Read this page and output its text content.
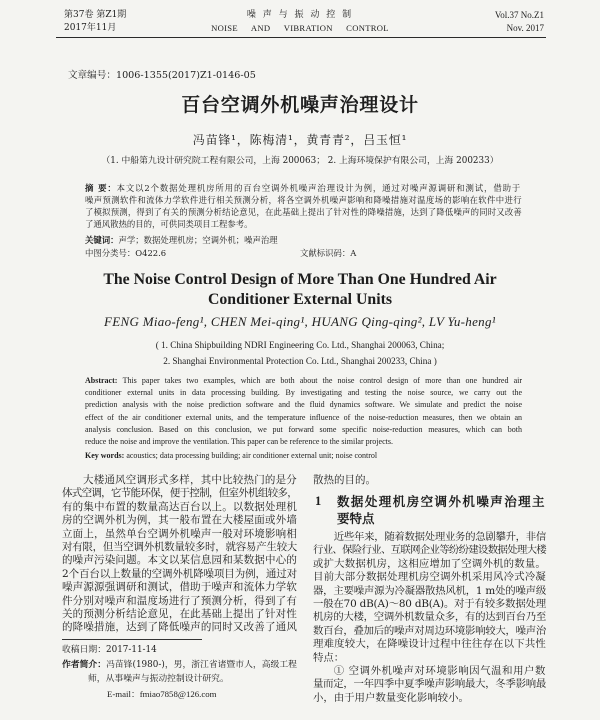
第37卷 第Z1期
2017年11月
噪 声 与 振 动 控 制
NOISE AND VIBRATION CONTROL
Vol.37 No.Z1
Nov. 2017
文章编号：1006-1355(2017)Z1-0146-05
百台空调外机噪声治理设计
冯苗锋¹，陈梅清¹，黄青青²，吕玉恒¹
（1. 中船第九设计研究院工程有限公司，上海 200063； 2. 上海环境保护有限公司，上海 200233）
摘 要：本文以2个数据处理机房所用的百台空调外机噪声治理设计为例，通过对噪声源调研和测试，借助于
噪声预测软件和流体力学软件进行相关预测分析，将各空调外机噪声影响和降噪措施对温度场的影响在软件中进行
了模拟预测，得到了有关的预测分析结论意见，在此基础上提出了针对性的降噪措施，达到了降低噪声的同时又改善
了通风散热的目的，可供同类项目工程参考。
关键词：声学；数据处理机房；空调外机；噪声治理
中图分类号：O422.6	文献标识码：A
The Noise Control Design of More Than One Hundred Air
Conditioner External Units
FENG Miao-feng¹, CHEN Mei-qing¹, HUANG Qing-qing², LV Yu-heng¹
( 1. China Shipbuilding NDRI Engineering Co. Ltd., Shanghai 200063, China;
2. Shanghai Environmental Protection Co. Ltd., Shanghai 200233, China )
Abstract: This paper takes two examples, which are both about the noise control design of more than one hundred air
conditioner external units in data processing building. By investigating and testing the noise source, we carry out the
prediction analysis with the noise prediction software and the fluid dynamics software. We simulate and predict the noise
effect of the air conditioner external units, and the temperature influence of the noise-reduction measures, then we obtain an
analysis conclusion. Based on this conclusion, we put forward some specific noise-reduction measures, which can both
reduce the noise and improve the ventilation. This paper can be reference to the similar projects.
Key words: acoustics; data processing building; air conditioner external unit; noise control
大楼通风空调形式多样，其中比较热门的是分
体式空调，它节能环保，便于控制，但室外机组较多，
有的集中布置的数量高达百台以上。以数据处理机
房的空调外机为例，其一般布置在大楼屋面或外墙
立面上，虽然单台空调外机噪声一般对环境影响相
对有限，但当空调外机数量较多时，就容易产生较大
的噪声污染问题。本文以某信息园和某数据中心的
2个百台以上数量的空调外机降噪项目为例，通过对
噪声源源强调研和测试，借助于噪声和流体力学软
件分别对噪声和温度场进行了预测分析，得到了有
关的预测分析结论意见，在此基础上提出了针对性
的降噪措施，达到了降低噪声的同时又改善了通风
收稿日期：2017-11-14
作者简介：冯苗锋(1980-)，男，浙江省诸暨市人，高级工程
师，从事噪声与振动控制设计研究。
E-mail：fmiao7858@126.com
散热的目的。
1 数据处理机房空调外机噪声治理主
要特点
近些年来，随着数据处理业务的急剧攀升，非信
行业、保险行业、互联网企业等纷纷建设数据处理大楼
或扩大数据机房，这相应增加了空调外机的数量。
目前大部分数据处理机房空调外机采用风冷式冷凝
器，主要噪声源为冷凝器散热风机，1 m处的噪声级
一般在70 dB(A)～80 dB(A)。对于有较多数据处理
机房的大楼，空调外机数量众多，有的达到百台乃至
数百台，叠加后的噪声对周边环境影响较大，噪声治
理难度较大，在降噪设计过程中往往存在以下共性
特点：
① 空调外机噪声对环境影响因气温和用户数
量而定，一年四季中夏季噪声影响最大，冬季影响最
小，由于用户数量变化影响较小。
